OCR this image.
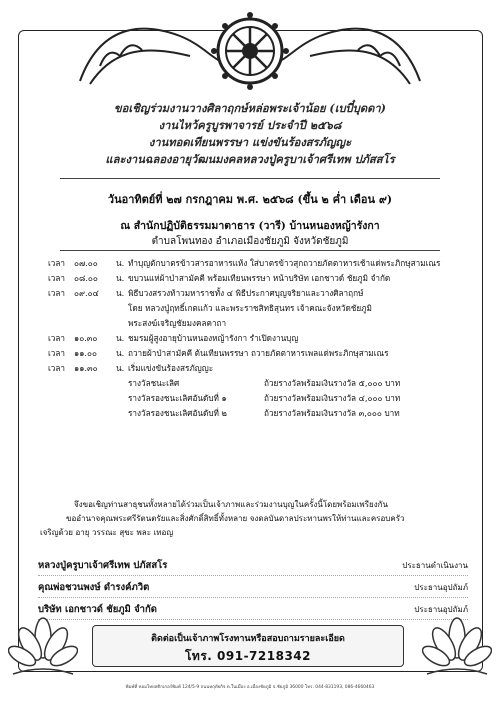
ขอเชิญร่วมงานวางศิลาฤกษ์หล่อพระเจ้าน้อย (เบบี๋บุดดา)
งานไหว้ครูบูรพาจารย์ ประจำปี ๒๕๖๘
งานทอดเทียนพรรษา แข่งขันร้องสรภัญญะ
และงานฉลองอายุวัฒนมงคลหลวงปู่ครูบาเจ้าศรีเทพ ปภัสสโร
วันอาทิตย์ที่ ๒๗ กรกฎาคม พ.ศ. ๒๕๖๘ (ขึ้น ๒ ค่ำ เดือน ๙)
ณ สำนักปฏิบัติธรรมมาตาธาร (วารี) บ้านหนองหญ้ารังกา
ตำบลโพนทอง อำเภอเมืองชัยภูมิ จังหวัดชัยภูมิ
เวลา ๐๗.๐๐	น. ทำบุญตักบาตรข้าวสารอาหารแห้ง ใส่บาตรข้าวสุกถวายภัตตาหารเช้าแด่พระภิกษุสามเณร
เวลา ๐๘.๐๐	น. ขบวนแห่ผ้าป่าสามัคคี พร้อมเทียนพรรษา หน้าบริษัท เอกชาวด์ ชัยภูมิ จำกัด
เวลา ๐๙.๐๔	น. พิธีบวงสรวงท้าวมหาราชทั้ง ๔ พิธีประกาศบุญจริยาและวางศิลาฤกษ์
โดย หลวงปู่ฤทธิ์เกตแก้ว และพระราชสิทธิสุนทร เจ้าคณะจังหวัดชัยภูมิ
พระสงฆ์เจริญชัยมงคลคาถา
เวลา ๑๐.๓๐	น. ชมรมผู้สูงอายุบ้านหนองหญ้ารังกา รำเปิดงานบุญ
เวลา ๑๑.๐๐	น. ถวายผ้าป่าสามัคคี ต้นเทียนพรรษา ถวายภัตตาหารเพลแด่พระภิกษุสามเณร
เวลา ๑๑.๓๐	น. เริ่มแข่งขันร้องสรภัญญะ
รางวัลชนะเลิศ	ถ้วยรางวัลพร้อมเงินรางวัล ๕,๐๐๐ บาท
รางวัลรองชนะเลิศอันดับที่ ๑	ถ้วยรางวัลพร้อมเงินรางวัล ๔,๐๐๐ บาท
รางวัลรองชนะเลิศอันดับที่ ๒	ถ้วยรางวัลพร้อมเงินรางวัล ๓,๐๐๐ บาท
จึงขอเชิญท่านสาธุชนทั้งหลายได้ร่วมเป็นเจ้าภาพและร่วมงานบุญในครั้งนี้โดยพร้อมเพรียงกัน
ขออำนาจคุณพระศรีรัตนตรัยและสิ่งศักดิ์สิทธิ์ทั้งหลาย จงดลบันดาลประทานพรให้ท่านและครอบครัว
เจริญด้วย อายุ วรรณะ สุขะ พละ เทอญ
หลวงปู่ครูบาเจ้าศรีเทพ ปภัสสโร	ประธานดำเนินงาน
คุณพ่อชวนพงษ์ ดำรงค์ภวิต	ประธานอุปถัมภ์
บริษัท เอกชาวด์ ชัยภูมิ จำกัด	ประธานอุปถัมภ์
ติดต่อเป็นเจ้าภาพโรงทานหรือสอบถามรายละเอียด
โทร. 091-7218342
พิมพ์ที่ หอมไทยสติกเกอร์พิมพ์ 124/5-9 ถนนหฤทัยกิจ ต.ในเมือง อ.เมืองชัยภูมิ จ.ชัยภูมิ 36000 โทร. 044-831193, 086-4660463
